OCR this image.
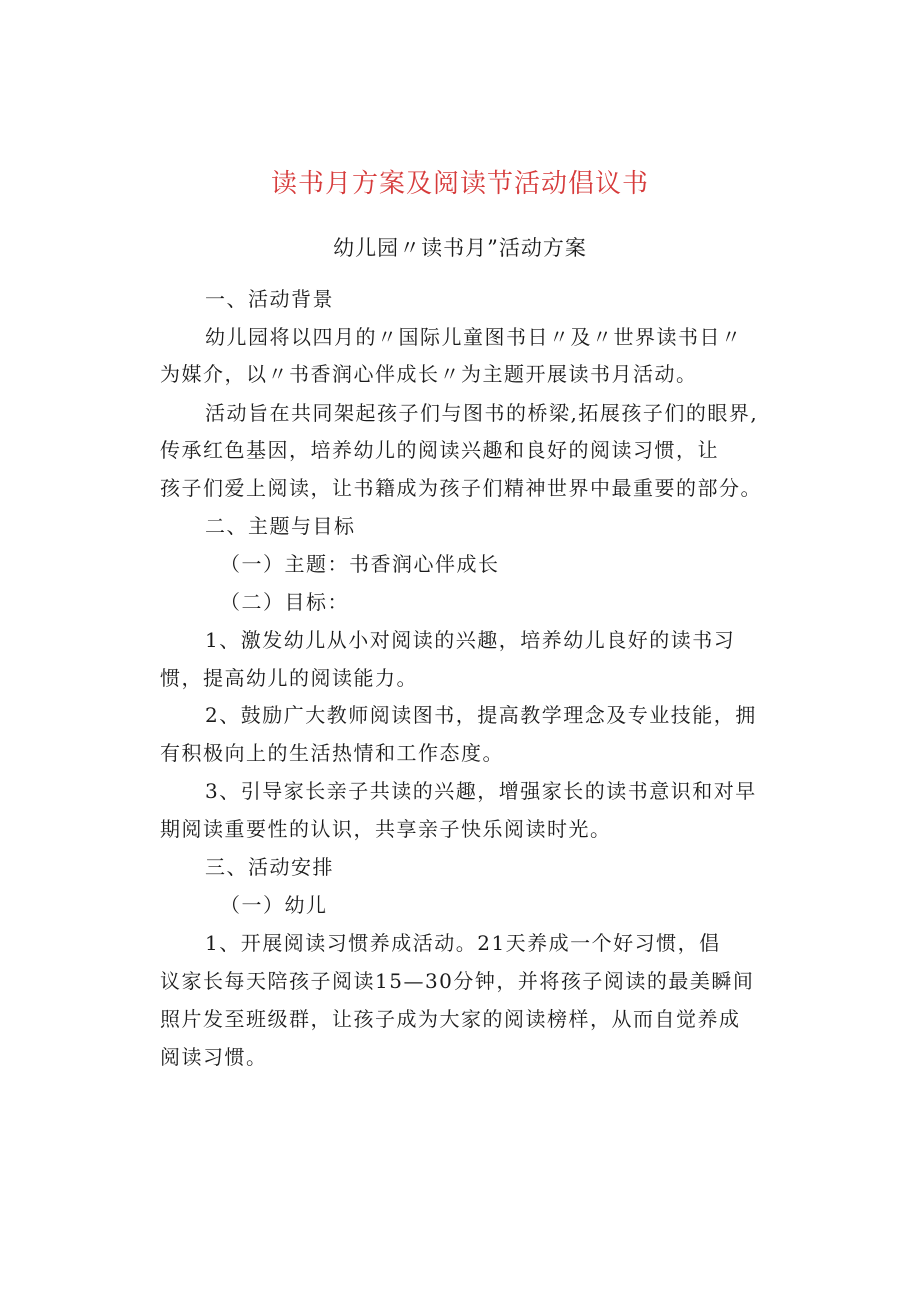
读书月方案及阅读节活动倡议书
幼儿园〃读书月”活动方案
一、活动背景
幼儿园将以四月的〃国际儿童图书日〃及〃世界读书日〃
为媒介，以〃书香润心伴成长〃为主题开展读书月活动。
活动旨在共同架起孩子们与图书的桥梁,拓展孩子们的眼界,
传承红色基因，培养幼儿的阅读兴趣和良好的阅读习惯，让
孩子们爱上阅读，让书籍成为孩子们精神世界中最重要的部分。
二、主题与目标
（一）主题：书香润心伴成长
（二）目标：
1、激发幼儿从小对阅读的兴趣，培养幼儿良好的读书习
惯，提高幼儿的阅读能力。
2、鼓励广大教师阅读图书，提高教学理念及专业技能，拥
有积极向上的生活热情和工作态度。
3、引导家长亲子共读的兴趣，增强家长的读书意识和对早
期阅读重要性的认识，共享亲子快乐阅读时光。
三、活动安排
（一）幼儿
1、开展阅读习惯养成活动。21天养成一个好习惯，倡
议家长每天陪孩子阅读15—30分钟，并将孩子阅读的最美瞬间
照片发至班级群，让孩子成为大家的阅读榜样，从而自觉养成
阅读习惯。
